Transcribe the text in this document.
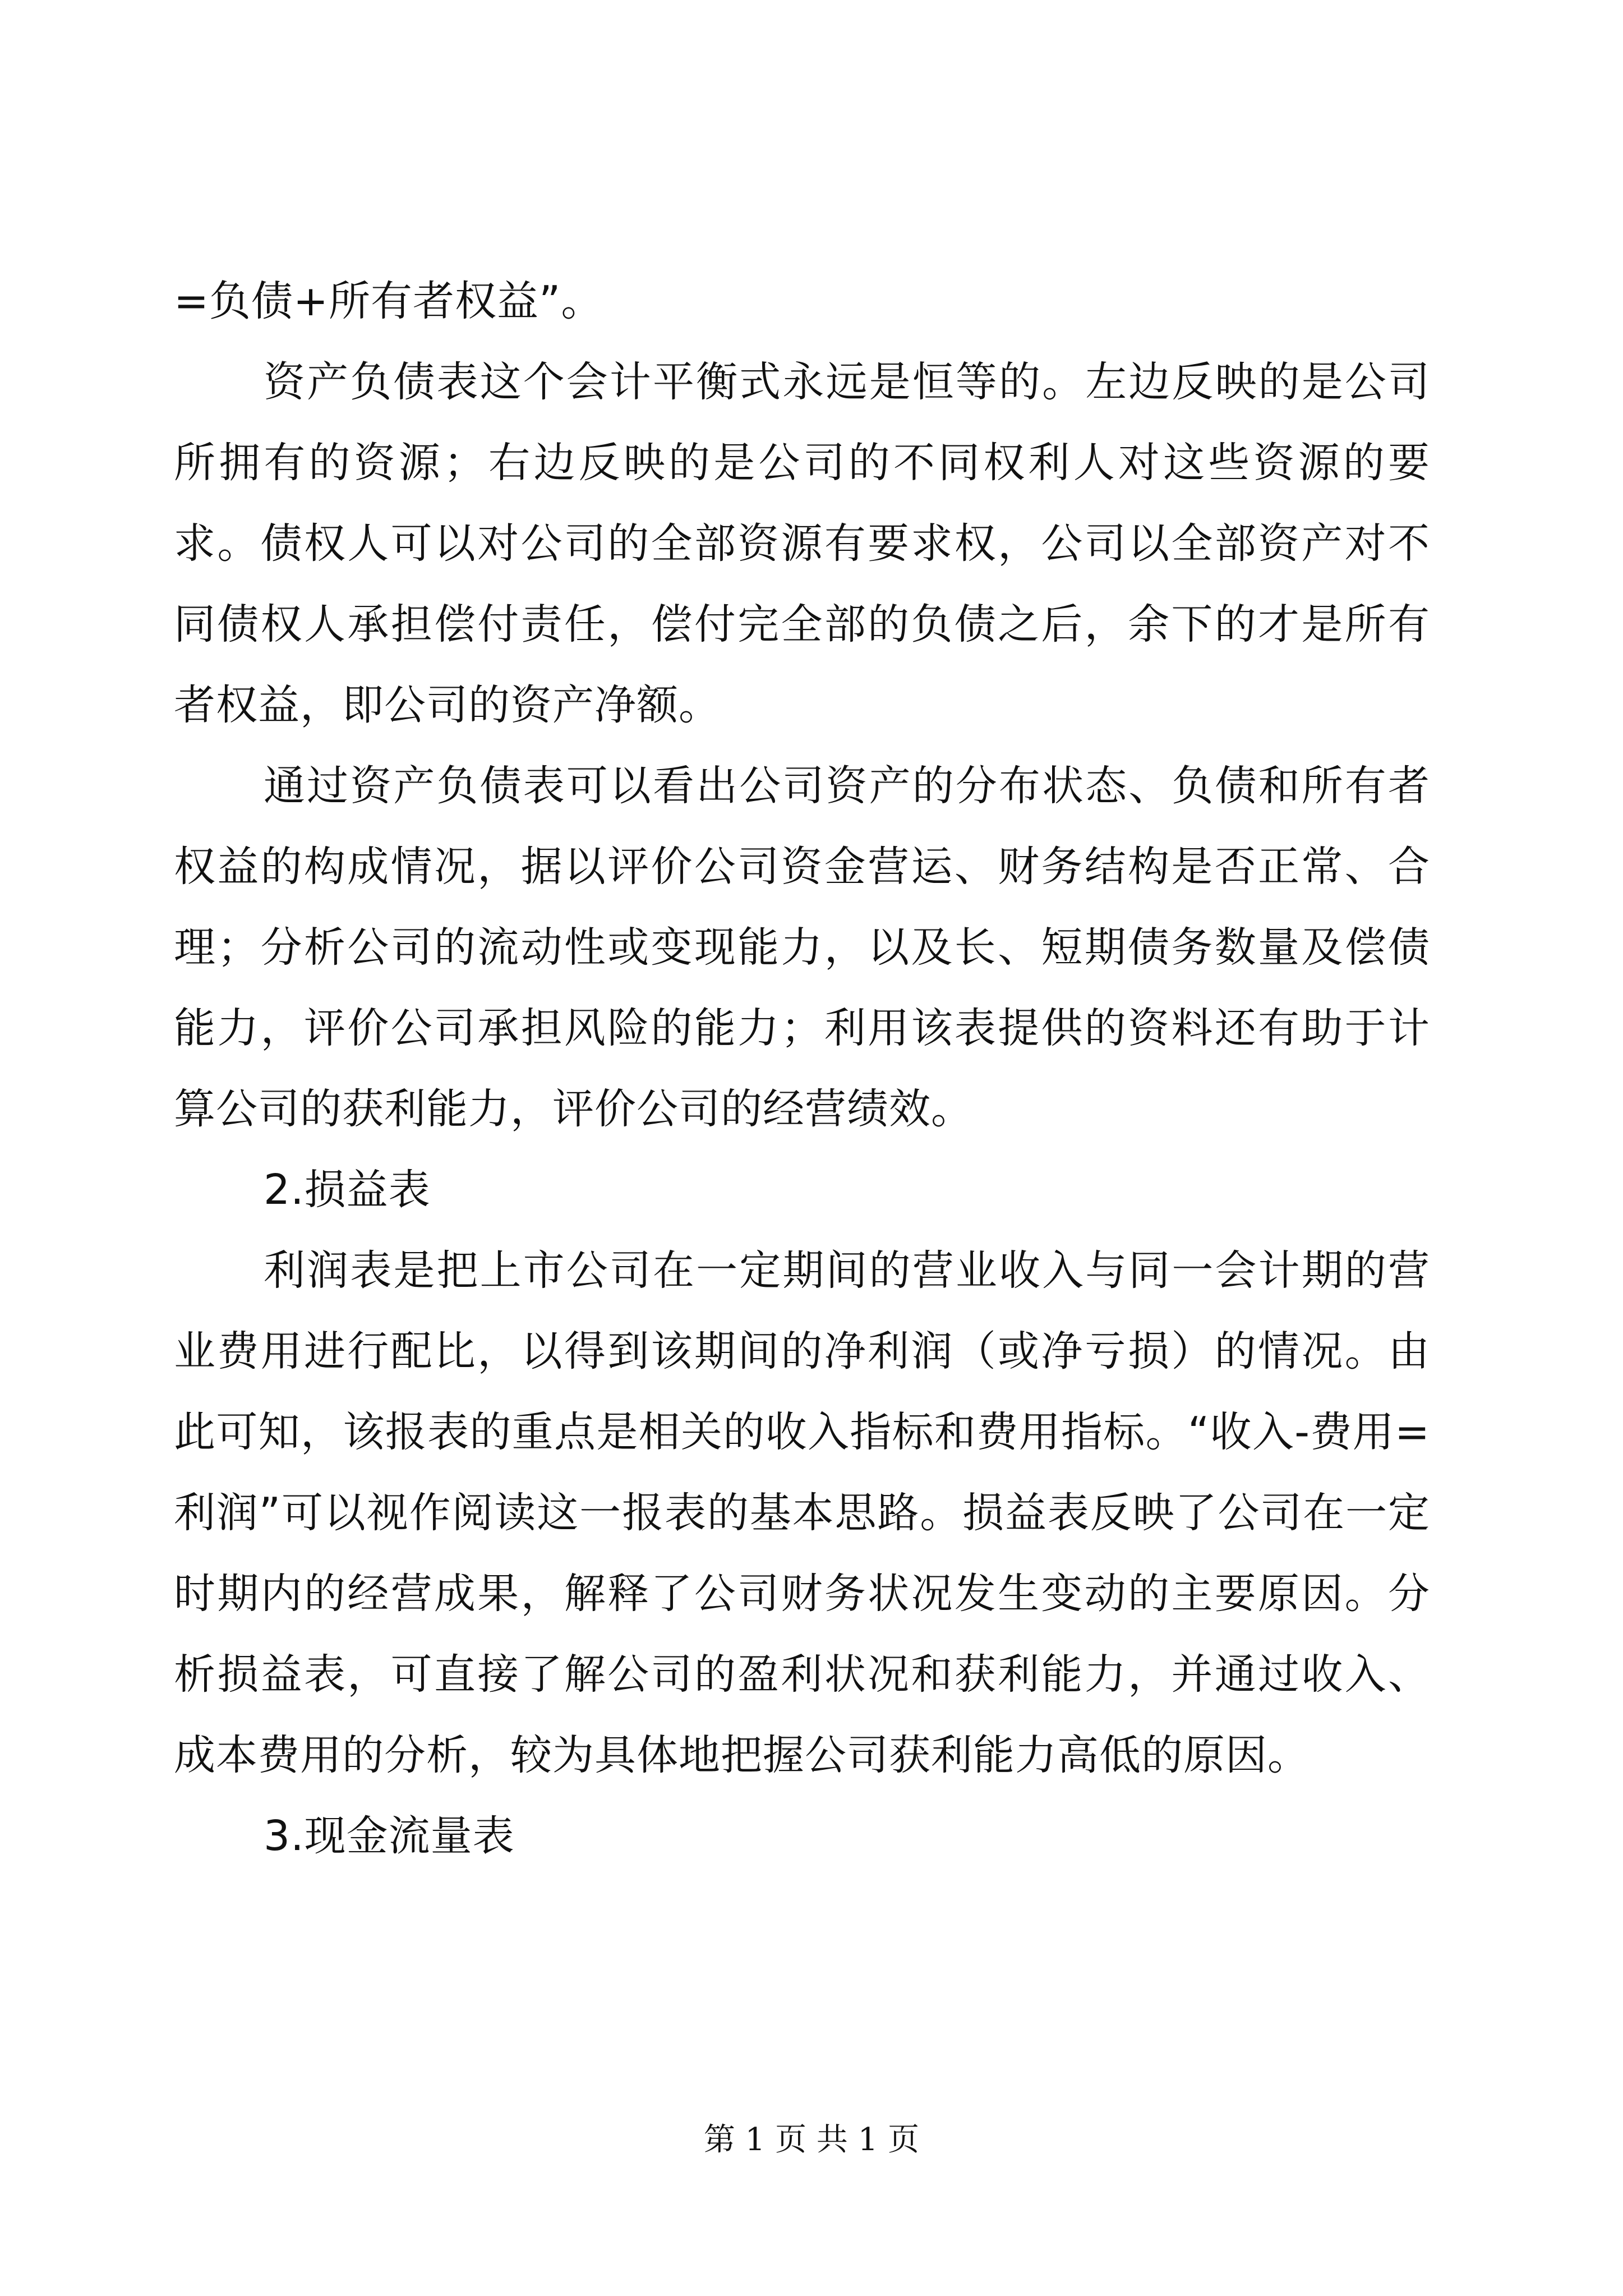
=负债+所有者权益”。

资产负债表这个会计平衡式永远是恒等的。左边反映的是公司所拥有的资源；右边反映的是公司的不同权利人对这些资源的要求。债权人可以对公司的全部资源有要求权，公司以全部资产对不同债权人承担偿付责任，偿付完全部的负债之后，余下的才是所有者权益，即公司的资产净额。

通过资产负债表可以看出公司资产的分布状态、负债和所有者权益的构成情况，据以评价公司资金营运、财务结构是否正常、合理；分析公司的流动性或变现能力，以及长、短期债务数量及偿债能力，评价公司承担风险的能力；利用该表提供的资料还有助于计算公司的获利能力，评价公司的经营绩效。

2.损益表

利润表是把上市公司在一定期间的营业收入与同一会计期的营业费用进行配比，以得到该期间的净利润（或净亏损）的情况。由此可知，该报表的重点是相关的收入指标和费用指标。“收入-费用=利润”可以视作阅读这一报表的基本思路。损益表反映了公司在一定时期内的经营成果，解释了公司财务状况发生变动的主要原因。分析损益表，可直接了解公司的盈利状况和获利能力，并通过收入、成本费用的分析，较为具体地把握公司获利能力高低的原因。

3.现金流量表

第 1 页 共 1 页
